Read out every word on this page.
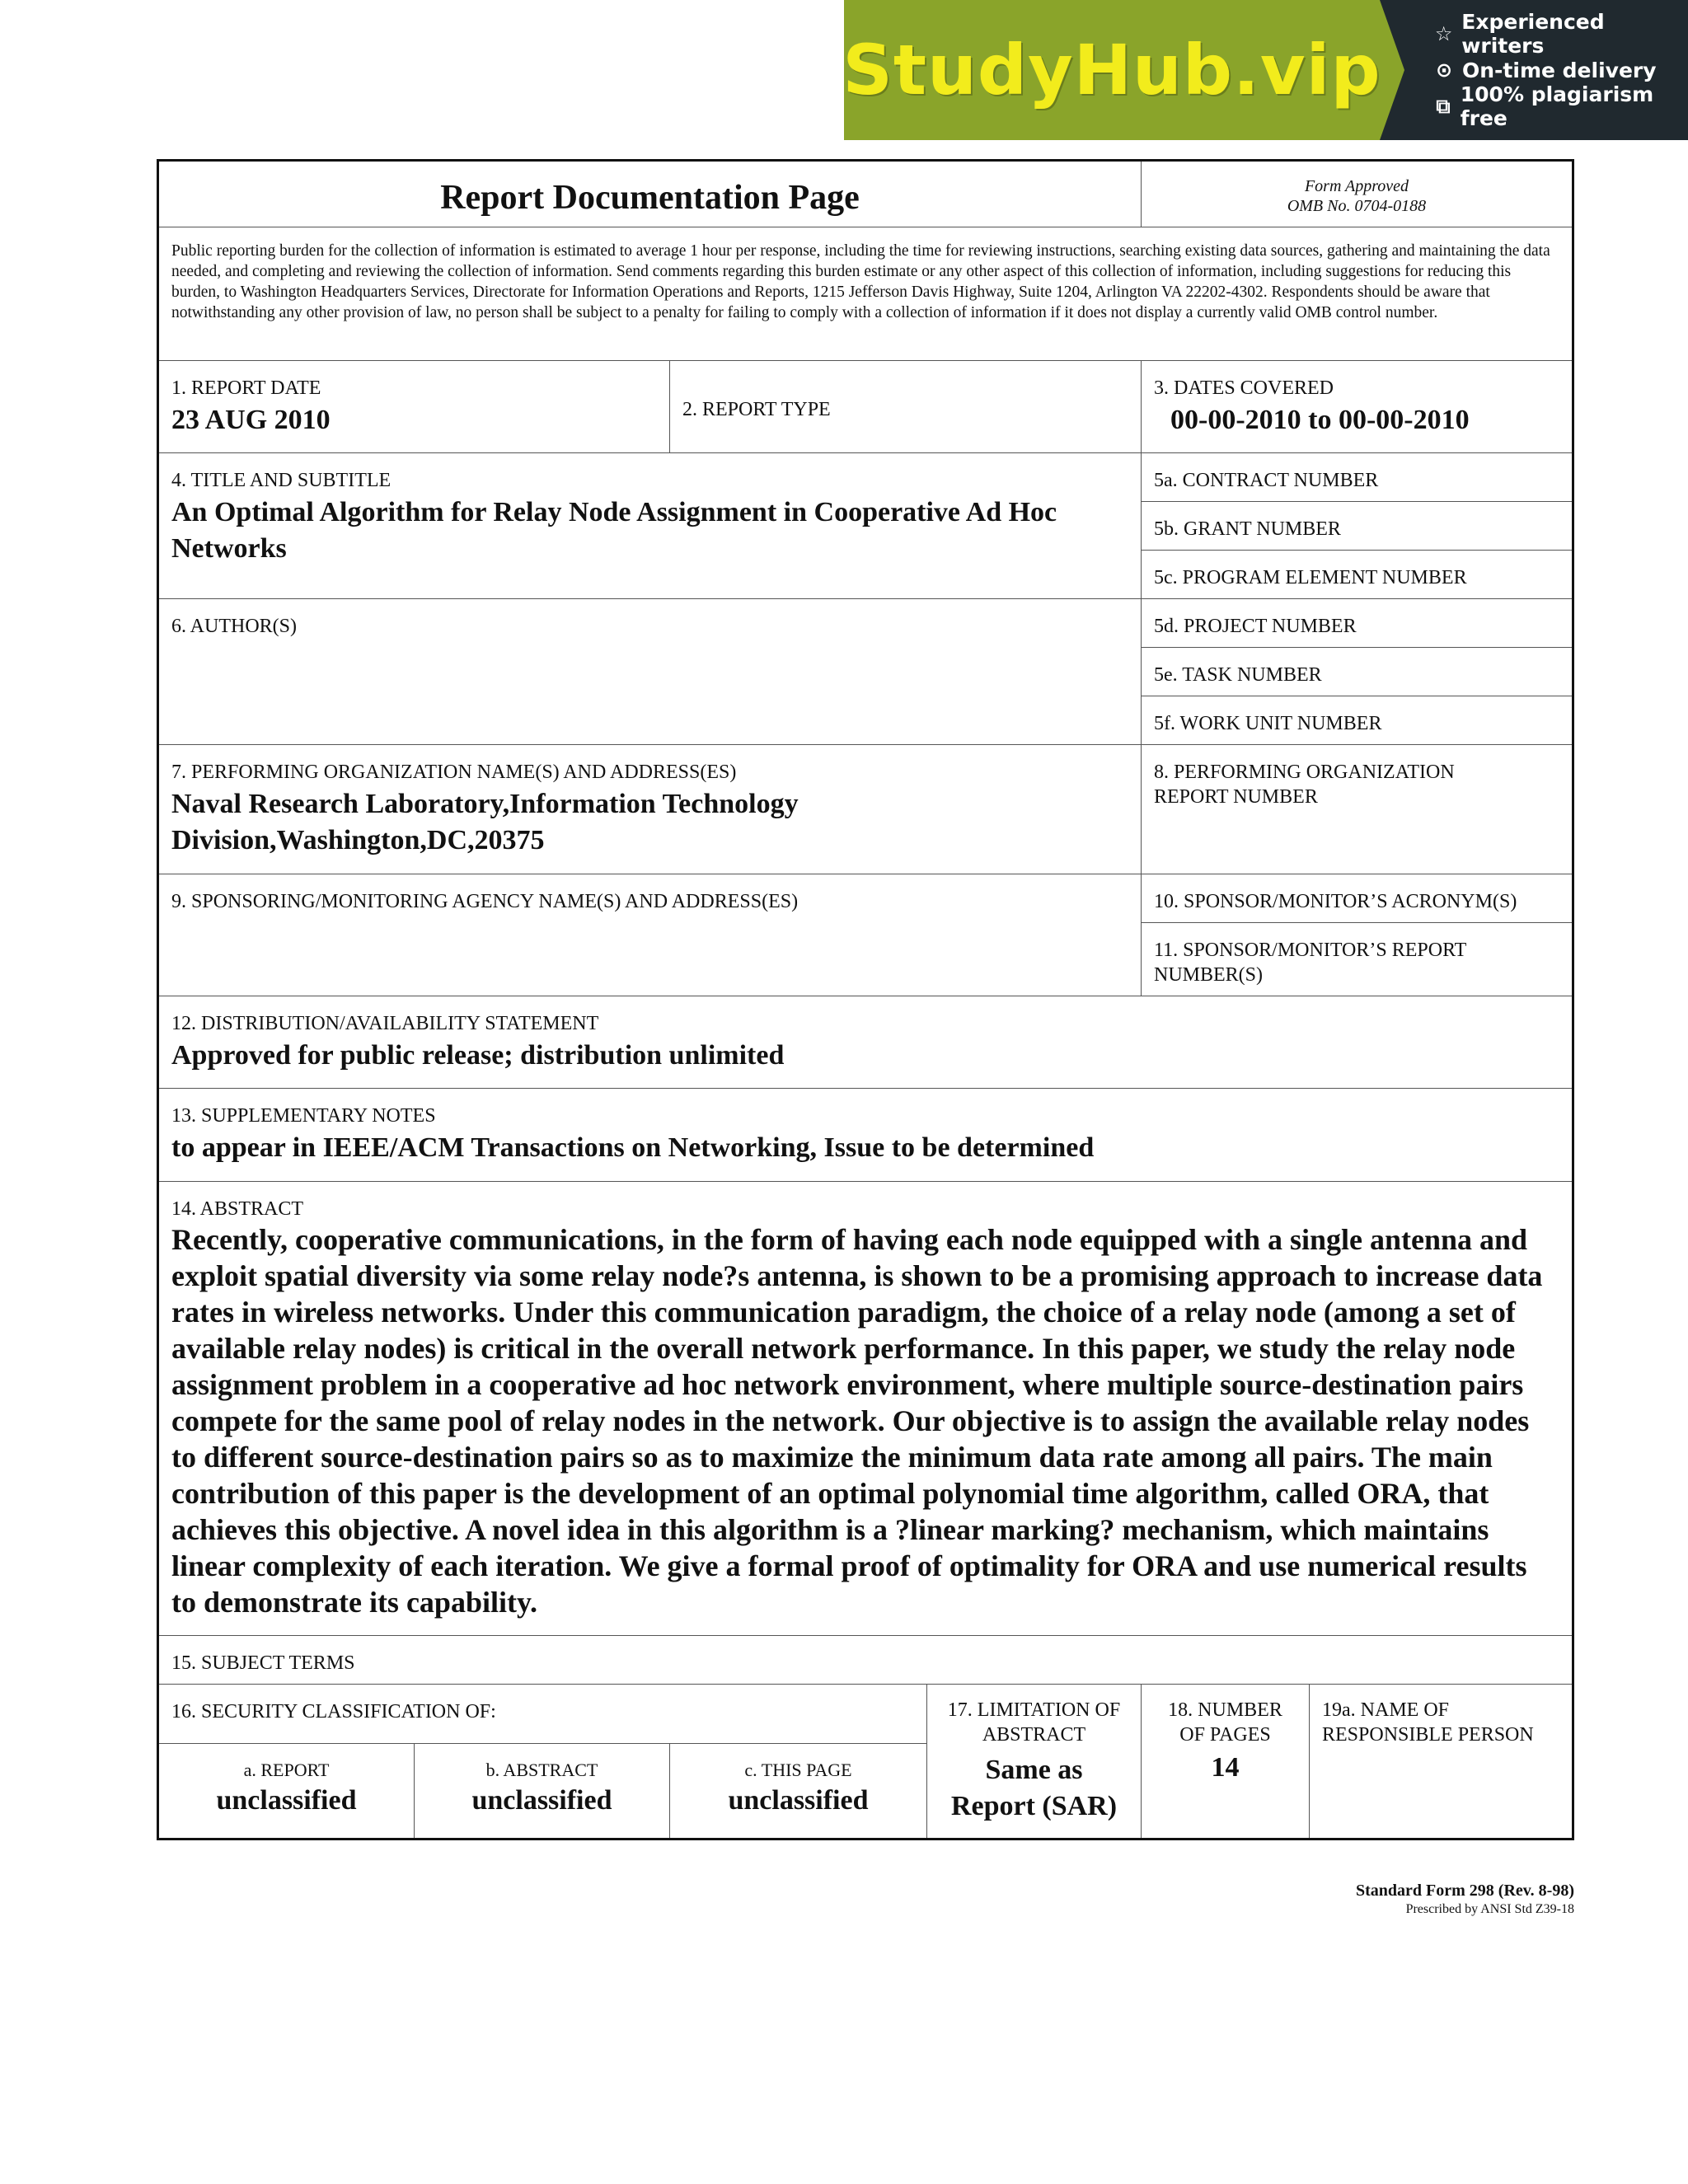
StudyHub.vip	☆ Experienced writers
⊙ On-time delivery
⧉ 100% plagiarism free
Report Documentation Page	Form Approved
OMB No. 0704-0188
Public reporting burden for the collection of information is estimated to average 1 hour per response, including the time for reviewing instructions, searching existing data sources, gathering and maintaining the data needed, and completing and reviewing the collection of information. Send comments regarding this burden estimate or any other aspect of this collection of information, including suggestions for reducing this burden, to Washington Headquarters Services, Directorate for Information Operations and Reports, 1215 Jefferson Davis Highway, Suite 1204, Arlington VA 22202-4302. Respondents should be aware that notwithstanding any other provision of law, no person shall be subject to a penalty for failing to comply with a collection of information if it does not display a currently valid OMB control number.
1. REPORT DATE
23 AUG 2010	2. REPORT TYPE
3. DATES COVERED
00-00-2010 to 00-00-2010
4. TITLE AND SUBTITLE
An Optimal Algorithm for Relay Node Assignment in Cooperative Ad Hoc Networks
5a. CONTRACT NUMBER
5b. GRANT NUMBER
5c. PROGRAM ELEMENT NUMBER
6. AUTHOR(S)	5d. PROJECT NUMBER
5e. TASK NUMBER
5f. WORK UNIT NUMBER
7. PERFORMING ORGANIZATION NAME(S) AND ADDRESS(ES)
Naval Research Laboratory,Information Technology Division,Washington,DC,20375
8. PERFORMING ORGANIZATION REPORT NUMBER
9. SPONSORING/MONITORING AGENCY NAME(S) AND ADDRESS(ES)	10. SPONSOR/MONITOR’S ACRONYM(S)
11. SPONSOR/MONITOR’S REPORT NUMBER(S)
12. DISTRIBUTION/AVAILABILITY STATEMENT
Approved for public release; distribution unlimited
13. SUPPLEMENTARY NOTES
to appear in IEEE/ACM Transactions on Networking, Issue to be determined
14. ABSTRACT
Recently, cooperative communications, in the form of having each node equipped with a single antenna and exploit spatial diversity via some relay node?s antenna, is shown to be a promising approach to increase data rates in wireless networks. Under this communication paradigm, the choice of a relay node (among a set of available relay nodes) is critical in the overall network performance. In this paper, we study the relay node assignment problem in a cooperative ad hoc network environment, where multiple source-destination pairs compete for the same pool of relay nodes in the network. Our objective is to assign the available relay nodes to different source-destination pairs so as to maximize the minimum data rate among all pairs. The main contribution of this paper is the development of an optimal polynomial time algorithm, called ORA, that achieves this objective. A novel idea in this algorithm is a ?linear marking? mechanism, which maintains linear complexity of each iteration. We give a formal proof of optimality for ORA and use numerical results to demonstrate its capability.
15. SUBJECT TERMS
16. SECURITY CLASSIFICATION OF:
a. REPORT
unclassified
b. ABSTRACT
unclassified
c. THIS PAGE
unclassified
17. LIMITATION OF ABSTRACT
Same as Report (SAR)
18. NUMBER OF PAGES
14
19a. NAME OF RESPONSIBLE PERSON
Standard Form 298 (Rev. 8-98)
Prescribed by ANSI Std Z39-18
